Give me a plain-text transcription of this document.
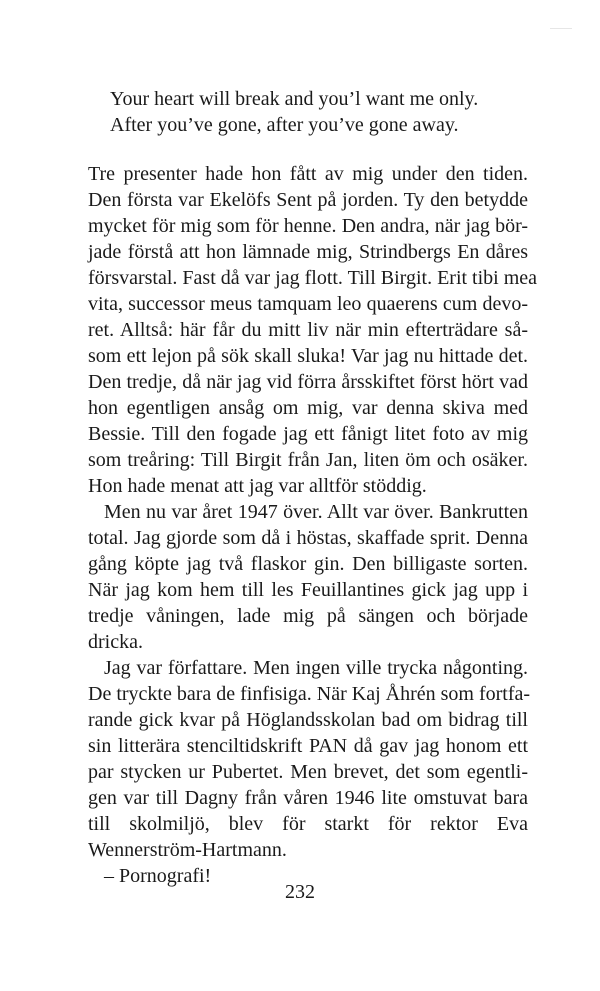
Your heart will break and you’l want me only.
After you’ve gone, after you’ve gone away.
Tre presenter hade hon fått av mig under den tiden.
Den första var Ekelöfs Sent på jorden. Ty den betydde
mycket för mig som för henne. Den andra, när jag bör-
jade förstå att hon lämnade mig, Strindbergs En dåres
försvarstal. Fast då var jag flott. Till Birgit. Erit tibi mea
vita, successor meus tamquam leo quaerens cum devo-
ret. Alltså: här får du mitt liv när min efterträdare så-
som ett lejon på sök skall sluka! Var jag nu hittade det.
Den tredje, då när jag vid förra årsskiftet först hört vad
hon egentligen ansåg om mig, var denna skiva med
Bessie. Till den fogade jag ett fånigt litet foto av mig
som treåring: Till Birgit från Jan, liten öm och osäker.
Hon hade menat att jag var alltför stöddig.
Men nu var året 1947 över. Allt var över. Bankrutten
total. Jag gjorde som då i höstas, skaffade sprit. Denna
gång köpte jag två flaskor gin. Den billigaste sorten.
När jag kom hem till les Feuillantines gick jag upp i
tredje våningen, lade mig på sängen och började
dricka.
Jag var författare. Men ingen ville trycka någonting.
De tryckte bara de finfisiga. När Kaj Åhrén som fortfa-
rande gick kvar på Höglandsskolan bad om bidrag till
sin litterära stenciltidskrift PAN då gav jag honom ett
par stycken ur Pubertet. Men brevet, det som egentli-
gen var till Dagny från våren 1946 lite omstuvat bara
till skolmiljö, blev för starkt för rektor Eva
Wennerström-Hartmann.
– Pornografi!
232
